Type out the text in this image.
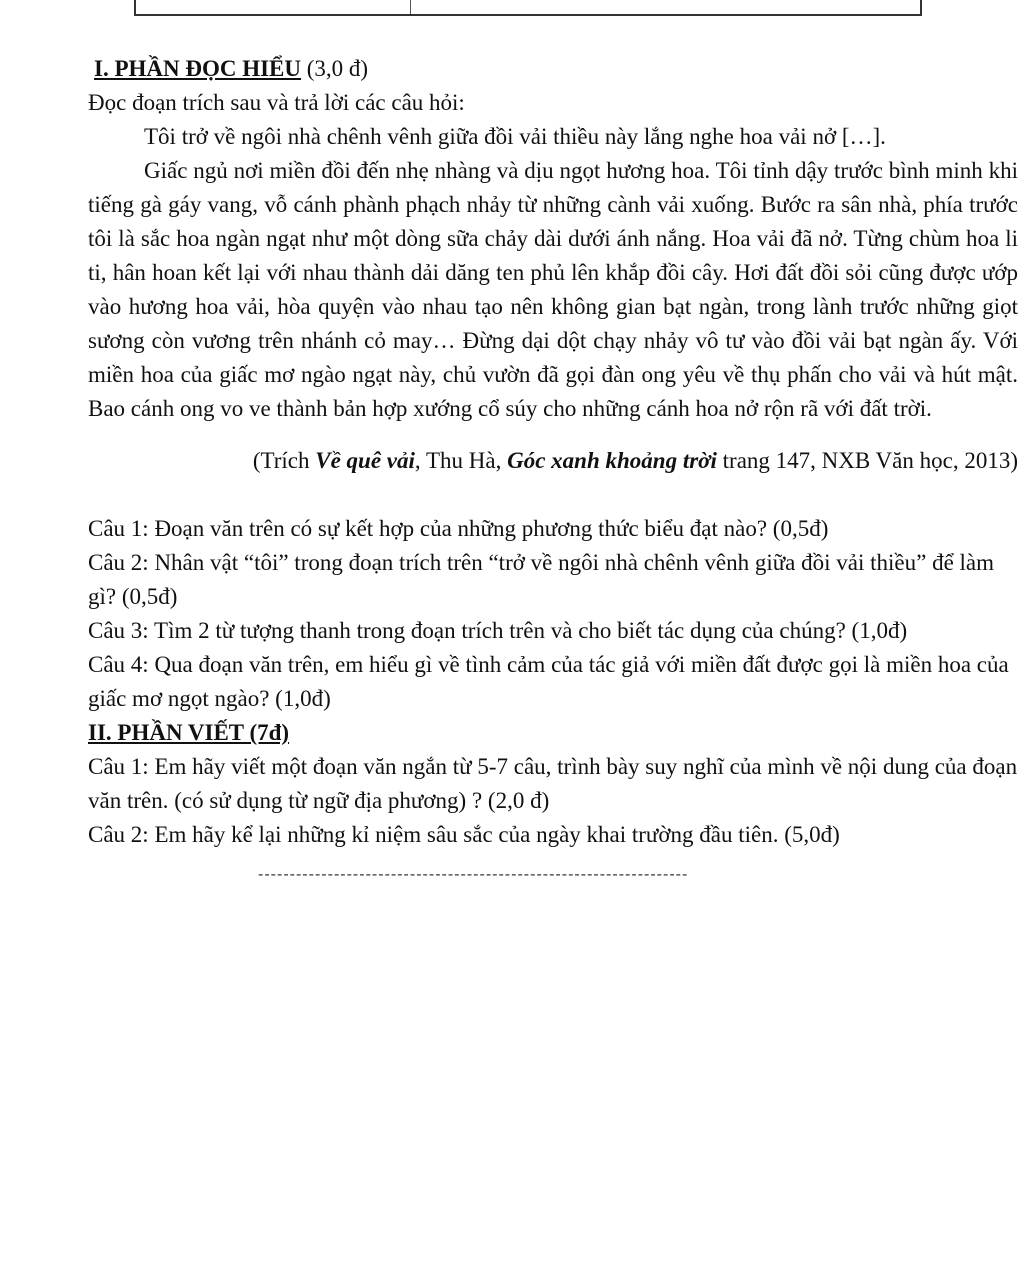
I. PHẦN ĐỌC HIỂU (3,0 đ)

Đọc đoạn trích sau và trả lời các câu hỏi:

Tôi trở về ngôi nhà chênh vênh giữa đồi vải thiều này lắng nghe hoa vải nở […].

Giấc ngủ nơi miền đồi đến nhẹ nhàng và dịu ngọt hương hoa. Tôi tỉnh dậy trước bình minh khi tiếng gà gáy vang, vỗ cánh phành phạch nhảy từ những cành vải xuống. Bước ra sân nhà, phía trước tôi là sắc hoa ngàn ngạt như một dòng sữa chảy dài dưới ánh nắng. Hoa vải đã nở. Từng chùm hoa li ti, hân hoan kết lại với nhau thành dải dăng ten phủ lên khắp đồi cây. Hơi đất đồi sỏi cũng được ướp vào hương hoa vải, hòa quyện vào nhau tạo nên không gian bạt ngàn, trong lành trước những giọt sương còn vương trên nhánh cỏ may… Đừng dại dột chạy nhảy vô tư vào đồi vải bạt ngàn ấy. Với miền hoa của giấc mơ ngào ngạt này, chủ vườn đã gọi đàn ong yêu về thụ phấn cho vải và hút mật. Bao cánh ong vo ve thành bản hợp xướng cổ súy cho những cánh hoa nở rộn rã với đất trời.

(Trích Về quê vải, Thu Hà, Góc xanh khoảng trời trang 147, NXB Văn học, 2013)

Câu 1: Đoạn văn trên có sự kết hợp của những phương thức biểu đạt nào? (0,5đ)

Câu 2: Nhân vật “tôi” trong đoạn trích trên “trở về ngôi nhà chênh vênh giữa đồi vải thiều” để làm gì? (0,5đ)

Câu 3: Tìm 2 từ tượng thanh trong đoạn trích trên và cho biết tác dụng của chúng? (1,0đ)

Câu 4: Qua đoạn văn trên, em hiểu gì về tình cảm của tác giả với miền đất được gọi là miền hoa của giấc mơ ngọt ngào? (1,0đ)

II. PHẦN VIẾT (7đ)

Câu 1: Em hãy viết một đoạn văn ngắn từ 5-7 câu, trình bày suy nghĩ của mình về nội dung của đoạn văn trên. (có sử dụng từ ngữ địa phương) ? (2,0 đ)

Câu 2: Em hãy kể lại những kỉ niệm sâu sắc của ngày khai trường đầu tiên. (5,0đ)

--------------------------------------------------------------------
